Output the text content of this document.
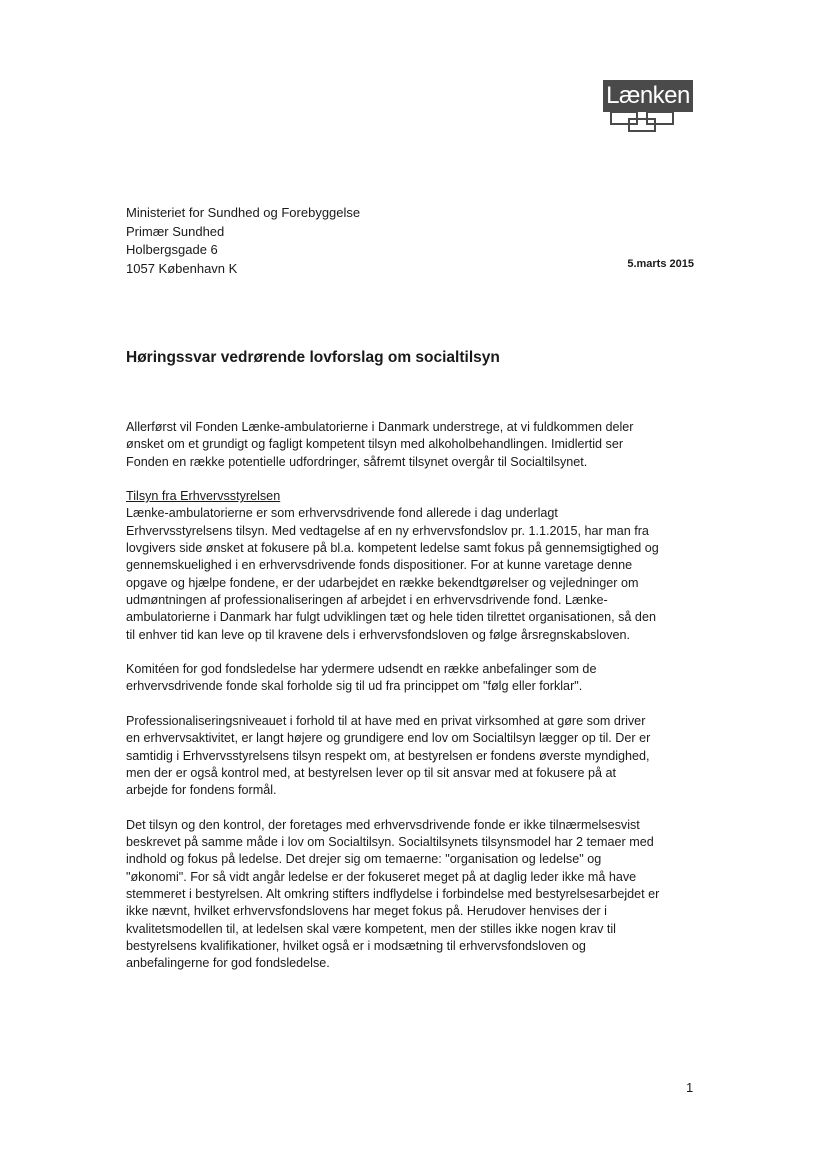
Lænken
Ministeriet for Sundhed og Forebyggelse
Primær Sundhed
Holbergsgade 6
1057 København K	5.marts 2015
Høringssvar vedrørende lovforslag om socialtilsyn

Allerførst vil Fonden Lænke-ambulatorierne i Danmark understrege, at vi fuldkommen deler
ønsket om et grundigt og fagligt kompetent tilsyn med alkoholbehandlingen. Imidlertid ser
Fonden en række potentielle udfordringer, såfremt tilsynet overgår til Socialtilsynet.

Tilsyn fra Erhvervsstyrelsen

Lænke-ambulatorierne er som erhvervsdrivende fond allerede i dag underlagt
Erhvervsstyrelsens tilsyn. Med vedtagelse af en ny erhvervsfondslov pr. 1.1.2015, har man fra
lovgivers side ønsket at fokusere på bl.a. kompetent ledelse samt fokus på gennemsigtighed og
gennemskuelighed i en erhvervsdrivende fonds dispositioner. For at kunne varetage denne
opgave og hjælpe fondene, er der udarbejdet en række bekendtgørelser og vejledninger om
udmøntningen af professionaliseringen af arbejdet i en erhvervsdrivende fond. Lænke-
ambulatorierne i Danmark har fulgt udviklingen tæt og hele tiden tilrettet organisationen, så den
til enhver tid kan leve op til kravene dels i erhvervsfondsloven og følge årsregnskabsloven.

Komitéen for god fondsledelse har ydermere udsendt en række anbefalinger som de
erhvervsdrivende fonde skal forholde sig til ud fra princippet om "følg eller forklar".

Professionaliseringsniveauet i forhold til at have med en privat virksomhed at gøre som driver
en erhvervsaktivitet, er langt højere og grundigere end lov om Socialtilsyn lægger op til. Der er
samtidig i Erhvervsstyrelsens tilsyn respekt om, at bestyrelsen er fondens øverste myndighed,
men der er også kontrol med, at bestyrelsen lever op til sit ansvar med at fokusere på at
arbejde for fondens formål.

Det tilsyn og den kontrol, der foretages med erhvervsdrivende fonde er ikke tilnærmelsesvist
beskrevet på samme måde i lov om Socialtilsyn. Socialtilsynets tilsynsmodel har 2 temaer med
indhold og fokus på ledelse. Det drejer sig om temaerne: "organisation og ledelse" og
"økonomi". For så vidt angår ledelse er der fokuseret meget på at daglig leder ikke må have
stemmeret i bestyrelsen. Alt omkring stifters indflydelse i forbindelse med bestyrelsesarbejdet er
ikke nævnt, hvilket erhvervsfondslovens har meget fokus på. Herudover henvises der i
kvalitetsmodellen til, at ledelsen skal være kompetent, men der stilles ikke nogen krav til
bestyrelsens kvalifikationer, hvilket også er i modsætning til erhvervsfondsloven og
anbefalingerne for god fondsledelse.

1
